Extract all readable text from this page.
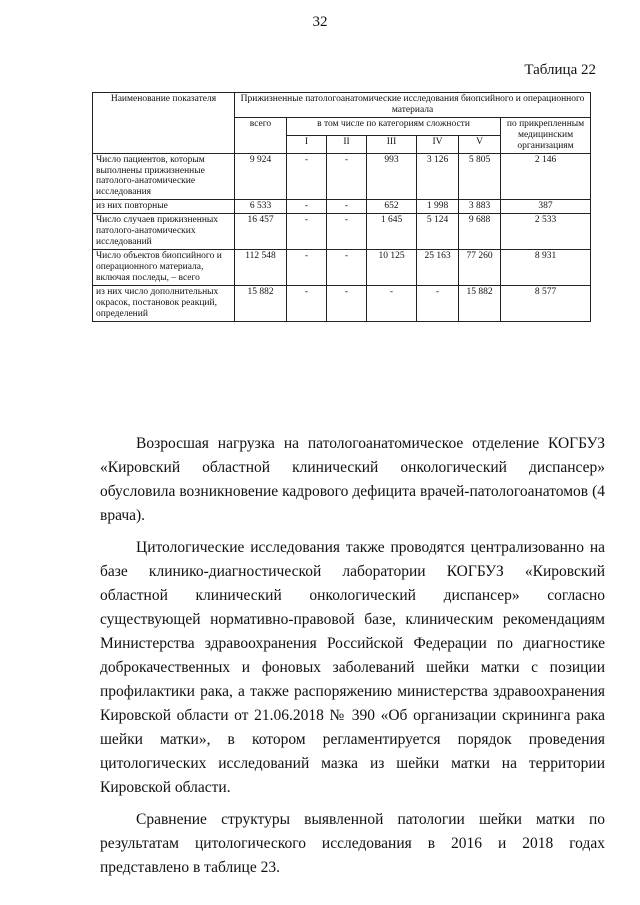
32
Таблица 22
Наименование показателя	Прижизненные патологоанатомические исследования биопсийного и операционного материала						
	всего	в том числе по категориям сложности					по прикрепленным медицинским организациям
		I	II	III	IV	V	
Число пациентов, которым выполнены прижизненные патолого-анатомические исследования	9 924	-	-	993	3 126	5 805	2 146
из них повторные	6 533	-	-	652	1 998	3 883	387
Число случаев прижизненных патолого-анатомических исследований	16 457	-	-	1 645	5 124	9 688	2 533
Число объектов биопсийного и операционного материала, включая последы, – всего	112 548	-	-	10 125	25 163	77 260	8 931
из них число дополнительных окрасок, постановок реакций, определений	15 882	-	-	-	-	15 882	8 577

Возросшая нагрузка на патологоанатомическое отделение КОГБУЗ «Кировский областной клинический онкологический диспансер» обусловила возникновение кадрового дефицита врачей-патологоанатомов (4 врача).

Цитологические исследования также проводятся централизованно на базе клинико-диагностической лаборатории КОГБУЗ «Кировский областной клинический онкологический диспансер» согласно существующей нормативно-правовой базе, клиническим рекомендациям Министерства здравоохранения Российской Федерации по диагностике доброкачественных и фоновых заболеваний шейки матки с позиции профилактики рака, а также распоряжению министерства здравоохранения Кировской области от 21.06.2018 № 390 «Об организации скрининга рака шейки матки», в котором регламентируется порядок проведения цитологических исследований мазка из шейки матки на территории Кировской области.

Сравнение структуры выявленной патологии шейки матки по результатам цитологического исследования в 2016 и 2018 годах представлено в таблице 23.
